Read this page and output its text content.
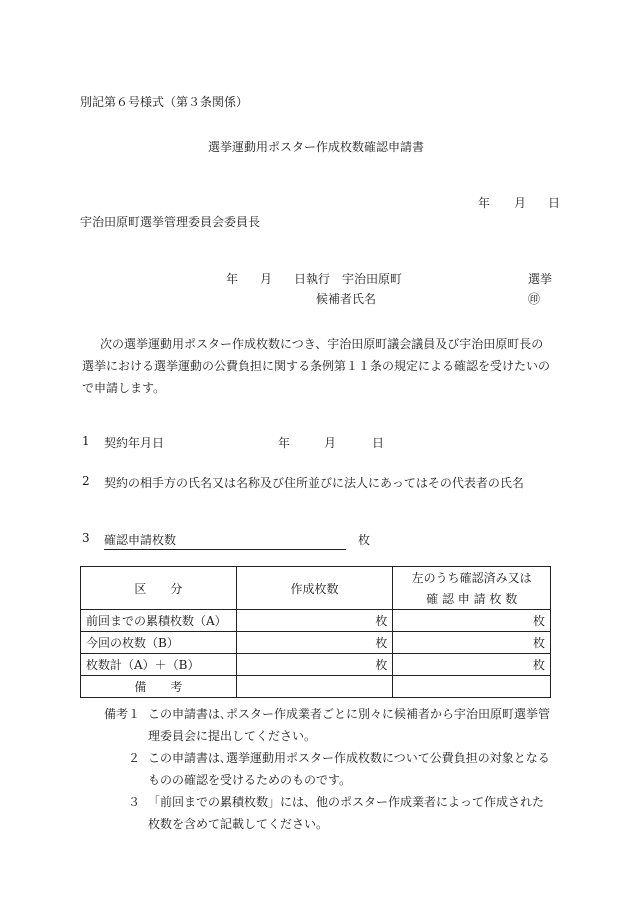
別記第６号様式（第３条関係）
選挙運動用ポスター作成枚数確認申請書
年 月 日
宇治田原町選挙管理委員会委員長
年 月 日執行 宇治田原町	選挙
候補者氏名	㊞
次の選挙運動用ポスター作成枚数につき、宇治田原町議会議員及び宇治田原町長の選挙における選挙運動の公費負担に関する条例第１１条の規定による確認を受けたいので申請します。
1 契約年月日	年	月	日
2 契約の相手方の氏名又は名称及び住所並びに法人にあってはその代表者の氏名
3 確認申請枚数	枚
区　　分	作成枚数	左のうち確認済み又は
確 認 申 請 枚 数

前回までの累積枚数（A）	枚	枚
今回の枚数（B）	枚	枚
枚数計（A）＋（B）	枚	枚
備　　考		
備考１ この申請書は､ポスター作成業者ごとに別々に候補者から宇治田原町選挙管理委員会に提出してください。
２ この申請書は､選挙運動用ポスター作成枚数について公費負担の対象となるものの確認を受けるためのものです。
３ 「前回までの累積枚数」には、他のポスター作成業者によって作成された枚数を含めて記載してください。
